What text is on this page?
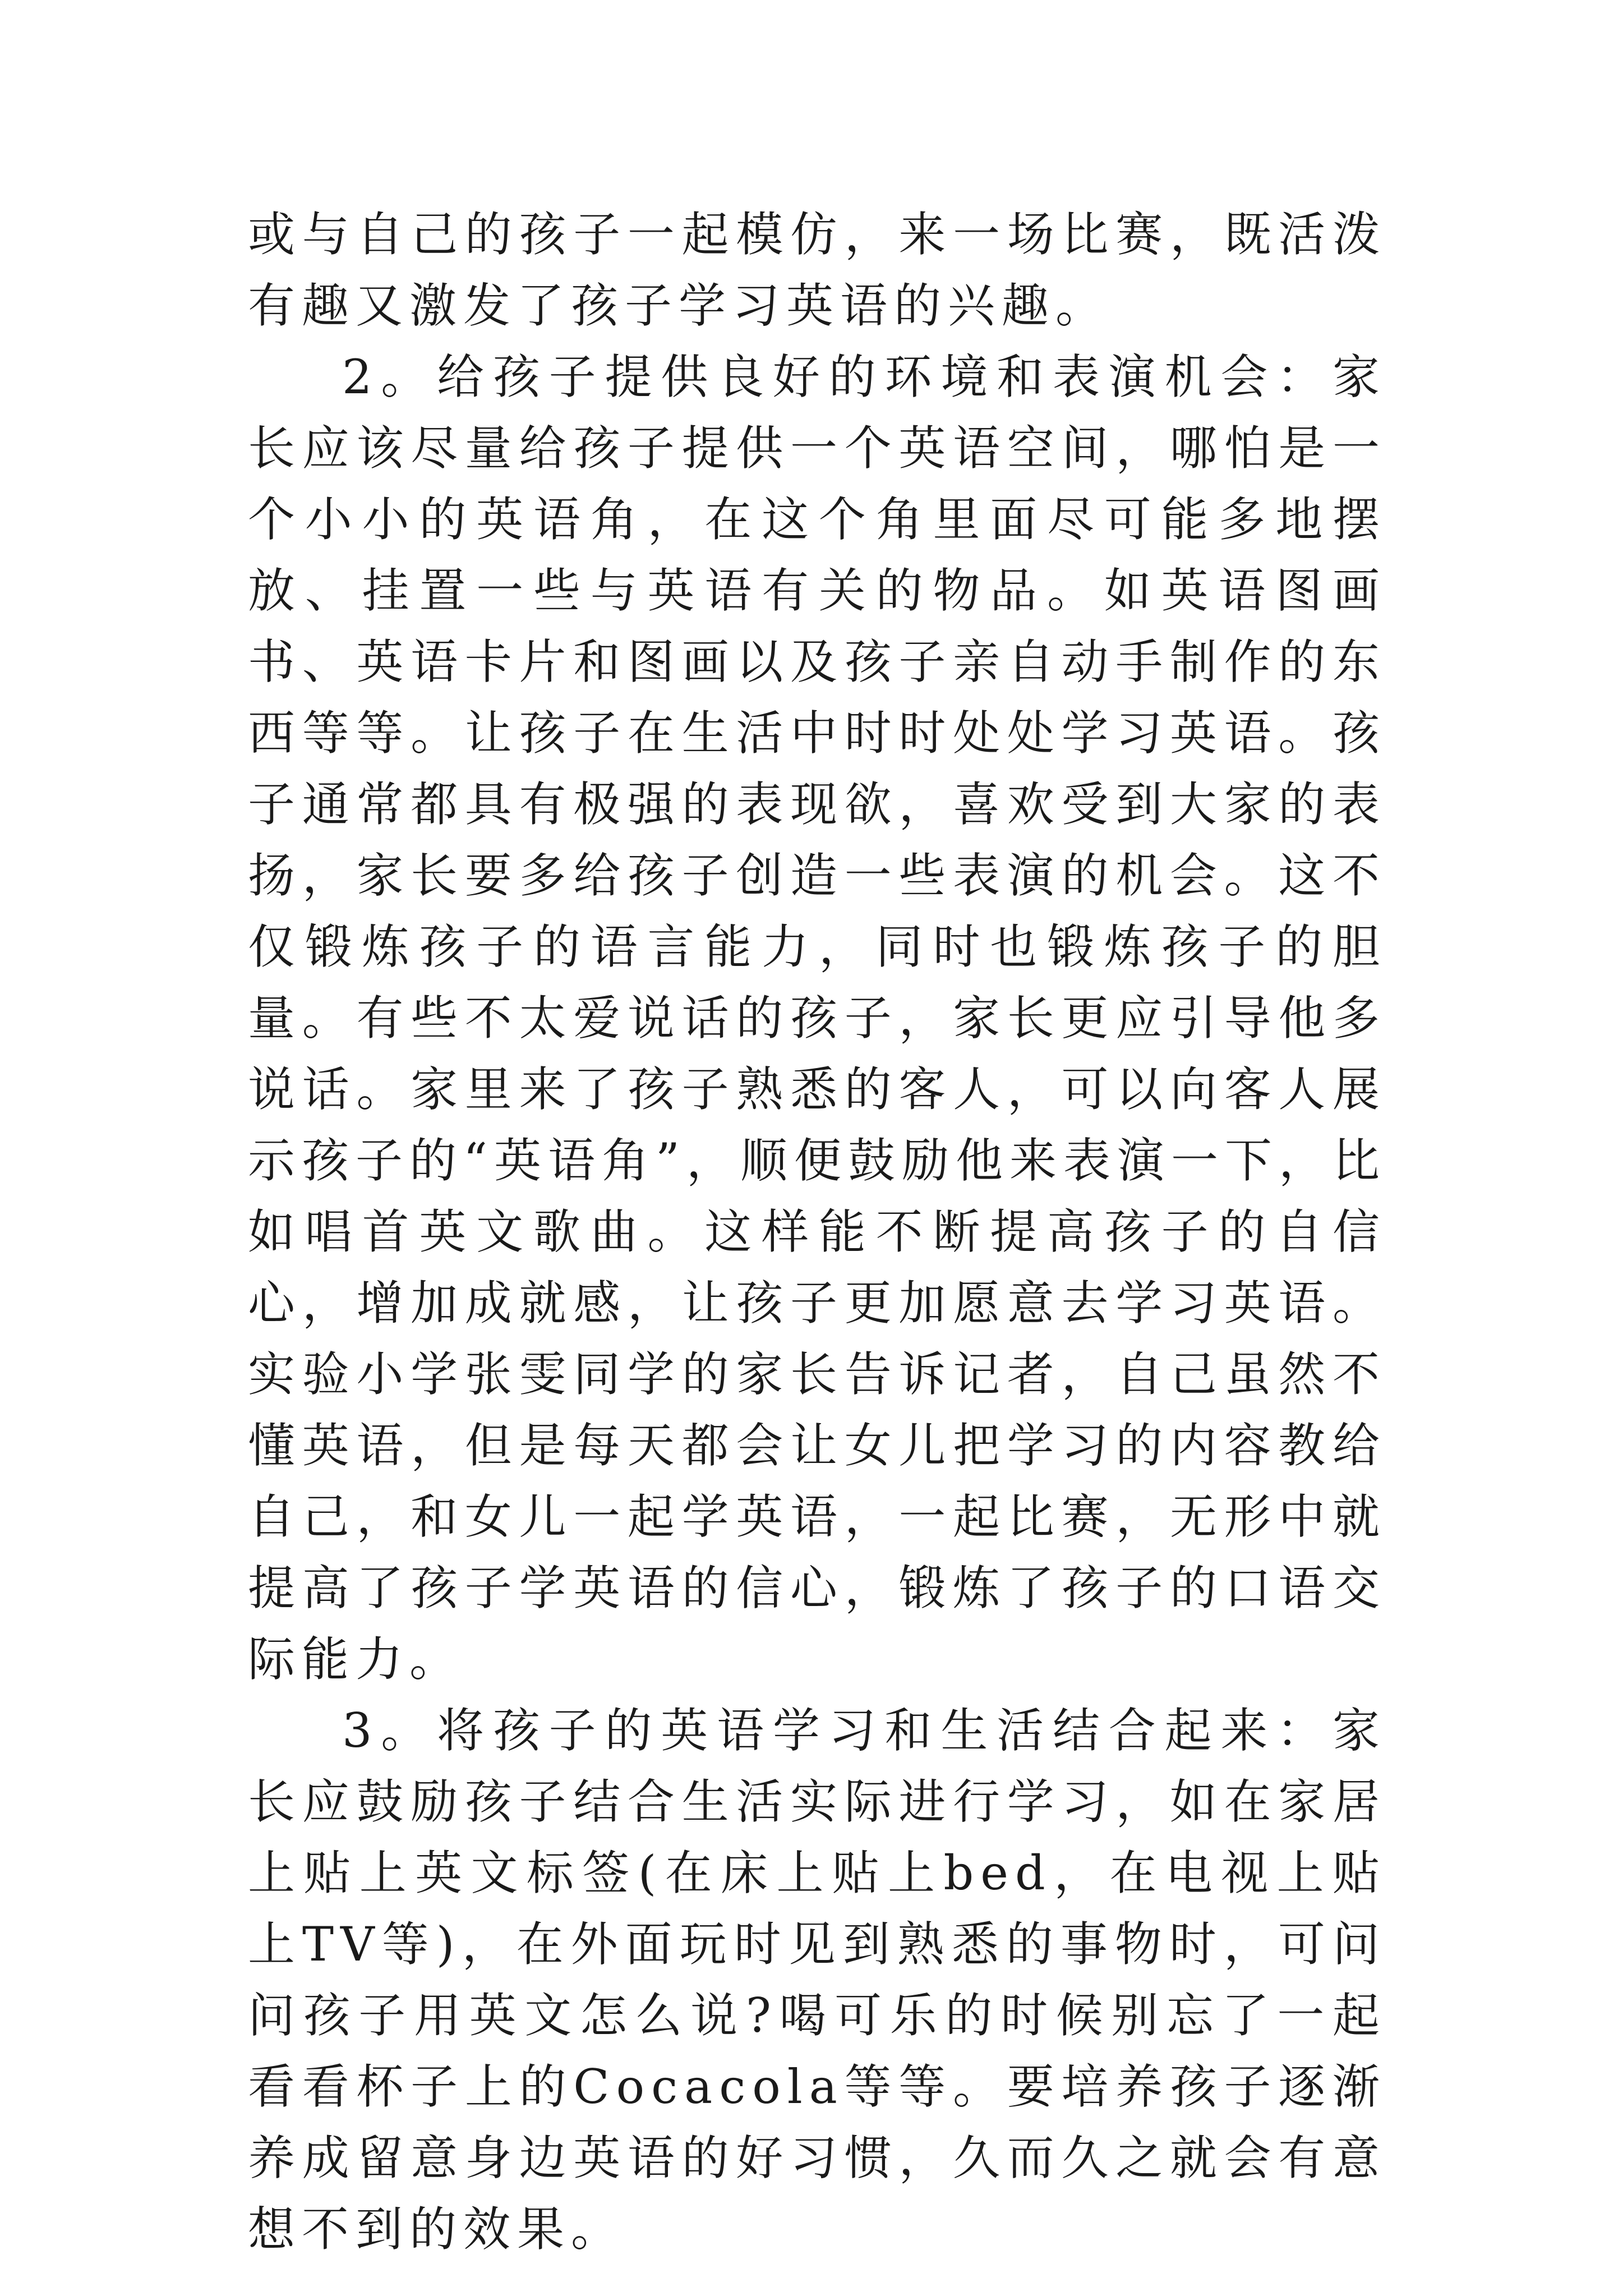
或与自己的孩子一起模仿，来一场比赛，既活泼有趣又激发了孩子学习英语的兴趣。

2。给孩子提供良好的环境和表演机会：家长应该尽量给孩子提供一个英语空间，哪怕是一个小小的英语角，在这个角里面尽可能多地摆放、挂置一些与英语有关的物品。如英语图画书、英语卡片和图画以及孩子亲自动手制作的东西等等。让孩子在生活中时时处处学习英语。孩子通常都具有极强的表现欲，喜欢受到大家的表扬，家长要多给孩子创造一些表演的机会。这不仅锻炼孩子的语言能力，同时也锻炼孩子的胆量。有些不太爱说话的孩子，家长更应引导他多说话。家里来了孩子熟悉的客人，可以向客人展示孩子的“英语角”，顺便鼓励他来表演一下，比如唱首英文歌曲。这样能不断提高孩子的自信心，增加成就感，让孩子更加愿意去学习英语。实验小学张雯同学的家长告诉记者，自己虽然不懂英语，但是每天都会让女儿把学习的内容教给自己，和女儿一起学英语，一起比赛，无形中就提高了孩子学英语的信心，锻炼了孩子的口语交际能力。

3。将孩子的英语学习和生活结合起来：家长应鼓励孩子结合生活实际进行学习，如在家居上贴上英文标签(在床上贴上bed，在电视上贴上TV等)，在外面玩时见到熟悉的事物时，可问问孩子用英文怎么说?喝可乐的时候别忘了一起看看杯子上的Cocacola等等。要培养孩子逐渐养成留意身边英语的好习惯，久而久之就会有意想不到的效果。
